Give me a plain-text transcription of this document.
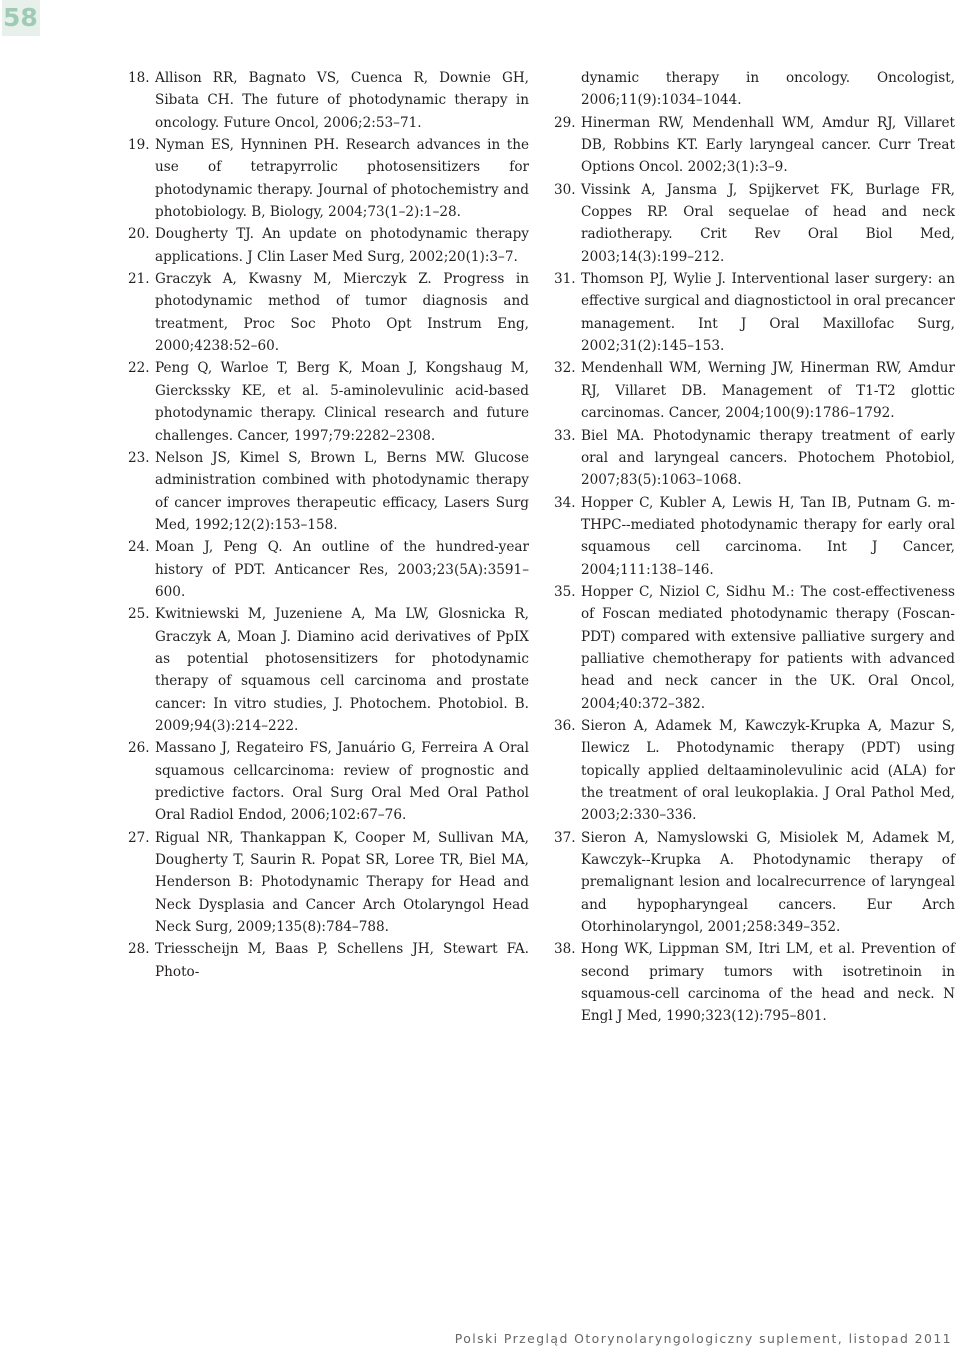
58
18. Allison RR, Bagnato VS, Cuenca R, Downie GH, Sibata CH. The future of photodynamic therapy in oncology. Future Oncol, 2006;2:53–71.
19. Nyman ES, Hynninen PH. Research advances in the use of tetrapyrrolic photosensitizers for photodynamic therapy. Journal of photochemistry and photobiology. B, Biology, 2004;73(1–2):1–28.
20. Dougherty TJ. An update on photodynamic therapy applications. J Clin Laser Med Surg, 2002;20(1):3–7.
21. Graczyk A, Kwasny M, Mierczyk Z. Progress in photodynamic method of tumor diagnosis and treatment, Proc Soc Photo Opt Instrum Eng, 2000;4238:52–60.
22. Peng Q, Warloe T, Berg K, Moan J, Kongshaug M, Gierckssky KE, et al. 5-aminolevulinic acid-based photodynamic therapy. Clinical research and future challenges. Cancer, 1997;79:2282–2308.
23. Nelson JS, Kimel S, Brown L, Berns MW. Glucose administration combined with photodynamic therapy of cancer improves therapeutic efficacy, Lasers Surg Med, 1992;12(2):153–158.
24. Moan J, Peng Q. An outline of the hundred-year history of PDT. Anticancer Res, 2003;23(5A):3591–600.
25. Kwitniewski M, Juzeniene A, Ma LW, Glosnicka R, Graczyk A, Moan J. Diamino acid derivatives of PpIX as potential photosensitizers for photodynamic therapy of squamous cell carcinoma and prostate cancer: In vitro studies, J. Photochem. Photobiol. B. 2009;94(3):214–222.
26. Massano J, Regateiro FS, Januário G, Ferreira A Oral squamous cellcarcinoma: review of prognostic and predictive factors. Oral Surg Oral Med Oral Pathol Oral Radiol Endod, 2006;102:67–76.
27. Rigual NR, Thankappan K, Cooper M, Sullivan MA, Dougherty T, Saurin R. Popat SR, Loree TR, Biel MA, Henderson B: Photodynamic Therapy for Head and Neck Dysplasia and Cancer Arch Otolaryngol Head Neck Surg, 2009;135(8):784–788.
28. Triesscheijn M, Baas P, Schellens JH, Stewart FA. Photo-
dynamic therapy in oncology. Oncologist, 2006;11(9):1034–1044.
29. Hinerman RW, Mendenhall WM, Amdur RJ, Villaret DB, Robbins KT. Early laryngeal cancer. Curr Treat Options Oncol. 2002;3(1):3–9.
30. Vissink A, Jansma J, Spijkervet FK, Burlage FR, Coppes RP. Oral sequelae of head and neck radiotherapy. Crit Rev Oral Biol Med, 2003;14(3):199–212.
31. Thomson PJ, Wylie J. Interventional laser surgery: an effective surgical and diagnostictool in oral precancer management. Int J Oral Maxillofac Surg, 2002;31(2):145–153.
32. Mendenhall WM, Werning JW, Hinerman RW, Amdur RJ, Villaret DB. Management of T1-T2 glottic carcinomas. Cancer, 2004;100(9):1786–1792.
33. Biel MA. Photodynamic therapy treatment of early oral and laryngeal cancers. Photochem Photobiol, 2007;83(5):1063–1068.
34. Hopper C, Kubler A, Lewis H, Tan IB, Putnam G. m-THPC--mediated photodynamic therapy for early oral squamous cell carcinoma. Int J Cancer, 2004;111:138–146.
35. Hopper C, Niziol C, Sidhu M.: The cost-effectiveness of Foscan mediated photodynamic therapy (Foscan-PDT) compared with extensive palliative surgery and palliative chemotherapy for patients with advanced head and neck cancer in the UK. Oral Oncol, 2004;40:372–382.
36. Sieron A, Adamek M, Kawczyk-Krupka A, Mazur S, Ilewicz L. Photodynamic therapy (PDT) using topically applied deltaaminolevulinic acid (ALA) for the treatment of oral leukoplakia. J Oral Pathol Med, 2003;2:330–336.
37. Sieron A, Namyslowski G, Misiolek M, Adamek M, Kawczyk--Krupka A. Photodynamic therapy of premalignant lesion and localrecurrence of laryngeal and hypopharyngeal cancers. Eur Arch Otorhinolaryngol, 2001;258:349–352.
38. Hong WK, Lippman SM, Itri LM, et al. Prevention of second primary tumors with isotretinoin in squamous-cell carcinoma of the head and neck. N Engl J Med, 1990;323(12):795–801.
Polski Przegląd Otorynolaryngologiczny suplement, listopad 2011
